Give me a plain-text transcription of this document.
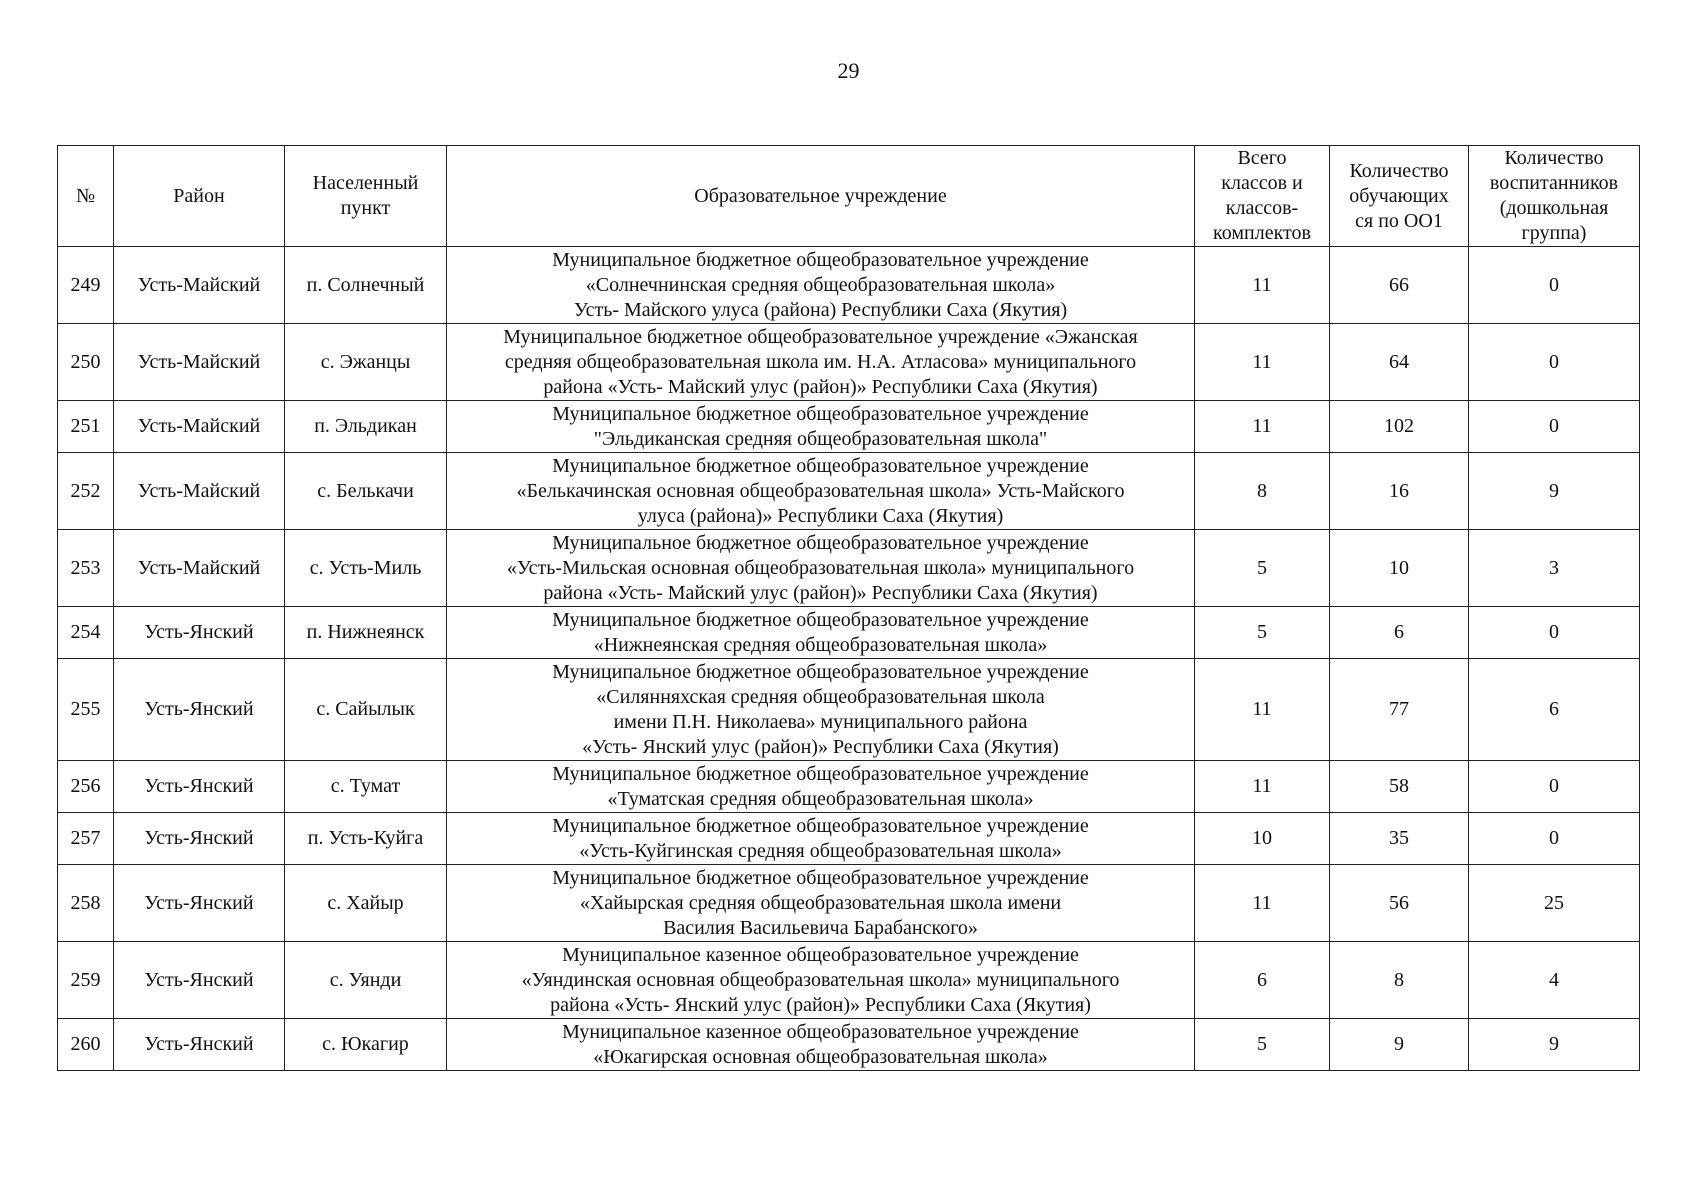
29
№	Район	Населенный
пункт	Образовательное учреждение	Всего
классов и
классов-
комплектов	Количество
обучающих
ся по ОО1	Количество
воспитанников
(дошкольная
группа)
249	Усть-Майский	п. Солнечный	Муниципальное бюджетное общеобразовательное учреждение
«Солнечнинская средняя общеобразовательная школа»
Усть- Майского улуса (района) Республики Саха (Якутия)	11	66	0
250	Усть-Майский	с. Эжанцы	Муниципальное бюджетное общеобразовательное учреждение «Эжанская
средняя общеобразовательная школа им. Н.А. Атласова» муниципального
района «Усть- Майский улус (район)» Республики Саха (Якутия)	11	64	0
251	Усть-Майский	п. Эльдикан	Муниципальное бюджетное общеобразовательное учреждение
"Эльдиканская средняя общеобразовательная школа"	11	102	0
252	Усть-Майский	с. Белькачи	Муниципальное бюджетное общеобразовательное учреждение
«Белькачинская основная общеобразовательная школа» Усть-Майского
улуса (района)» Республики Саха (Якутия)	8	16	9
253	Усть-Майский	с. Усть-Миль	Муниципальное бюджетное общеобразовательное учреждение
«Усть-Мильская основная общеобразовательная школа» муниципального
района «Усть- Майский улус (район)» Республики Саха (Якутия)	5	10	3
254	Усть-Янский	п. Нижнеянск	Муниципальное бюджетное общеобразовательное учреждение
«Нижнеянская средняя общеобразовательная школа»	5	6	0
255	Усть-Янский	с. Сайылык	Муниципальное бюджетное общеобразовательное учреждение
«Силянняхская средняя общеобразовательная школа
имени П.Н. Николаева» муниципального района
«Усть- Янский улус (район)» Республики Саха (Якутия)	11	77	6
256	Усть-Янский	с. Тумат	Муниципальное бюджетное общеобразовательное учреждение
«Туматская средняя общеобразовательная школа»	11	58	0
257	Усть-Янский	п. Усть-Куйга	Муниципальное бюджетное общеобразовательное учреждение
«Усть-Куйгинская средняя общеобразовательная школа»	10	35	0
258	Усть-Янский	с. Хайыр	Муниципальное бюджетное общеобразовательное учреждение
«Хайырская средняя общеобразовательная школа имени
Василия Васильевича Барабанского»	11	56	25
259	Усть-Янский	с. Уянди	Муниципальное казенное общеобразовательное учреждение
«Уяндинская основная общеобразовательная школа» муниципального
района «Усть- Янский улус (район)» Республики Саха (Якутия)	6	8	4
260	Усть-Янский	с. Юкагир	Муниципальное казенное общеобразовательное учреждение
«Юкагирская основная общеобразовательная школа»	5	9	9
